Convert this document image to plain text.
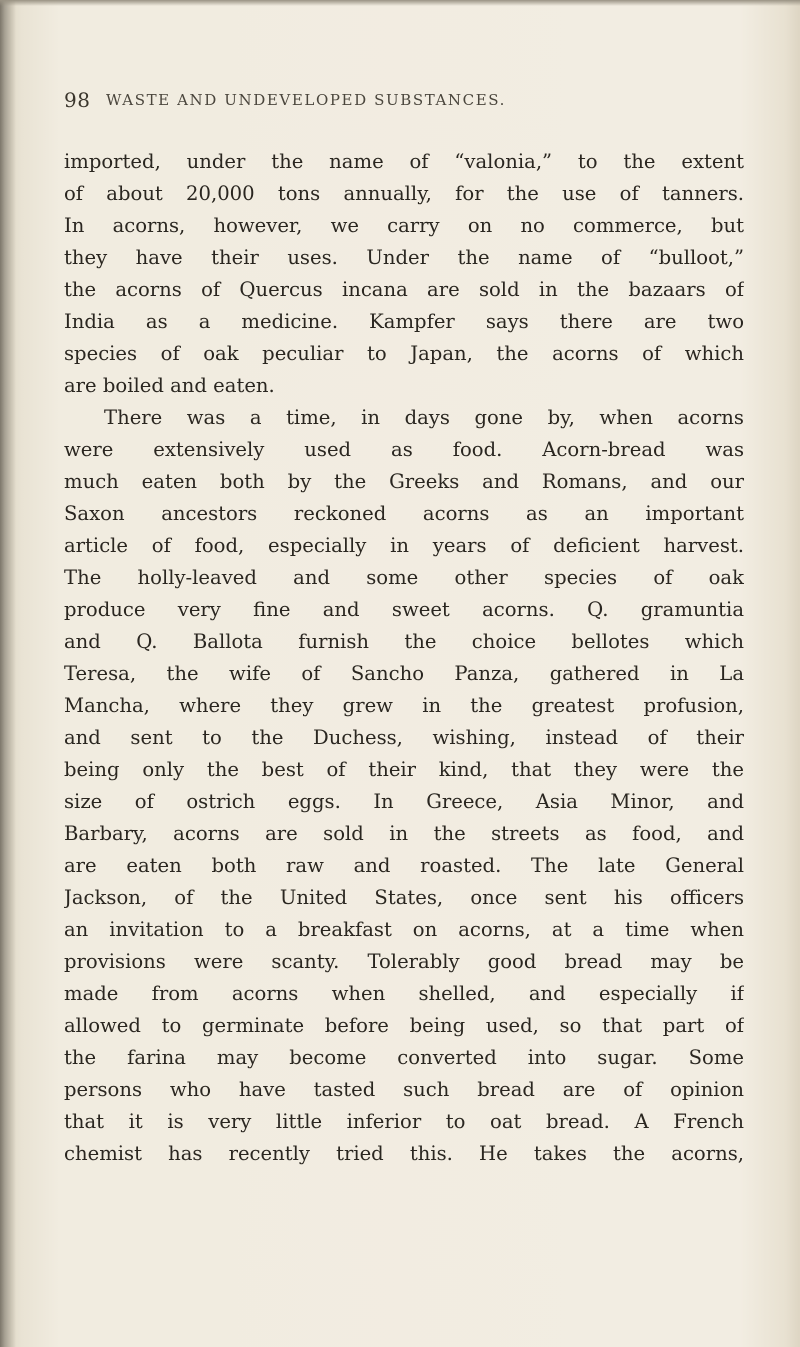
98 WASTE AND UNDEVELOPED SUBSTANCES.
imported, under the name of “valonia,” to the extent
of about 20,000 tons annually, for the use of tanners.
In acorns, however, we carry on no commerce, but
they have their uses. Under the name of “bulloot,”
the acorns of Quercus incana are sold in the bazaars of
India as a medicine. Kampfer says there are two
species of oak peculiar to Japan, the acorns of which
are boiled and eaten.
There was a time, in days gone by, when acorns
were extensively used as food. Acorn-bread was
much eaten both by the Greeks and Romans, and our
Saxon ancestors reckoned acorns as an important
article of food, especially in years of deficient harvest.
The holly-leaved and some other species of oak
produce very fine and sweet acorns. Q. gramuntia
and Q. Ballota furnish the choice bellotes which
Teresa, the wife of Sancho Panza, gathered in La
Mancha, where they grew in the greatest profusion,
and sent to the Duchess, wishing, instead of their
being only the best of their kind, that they were the
size of ostrich eggs. In Greece, Asia Minor, and
Barbary, acorns are sold in the streets as food, and
are eaten both raw and roasted. The late General
Jackson, of the United States, once sent his officers
an invitation to a breakfast on acorns, at a time when
provisions were scanty. Tolerably good bread may be
made from acorns when shelled, and especially if
allowed to germinate before being used, so that part of
the farina may become converted into sugar. Some
persons who have tasted such bread are of opinion
that it is very little inferior to oat bread. A French
chemist has recently tried this. He takes the acorns,
